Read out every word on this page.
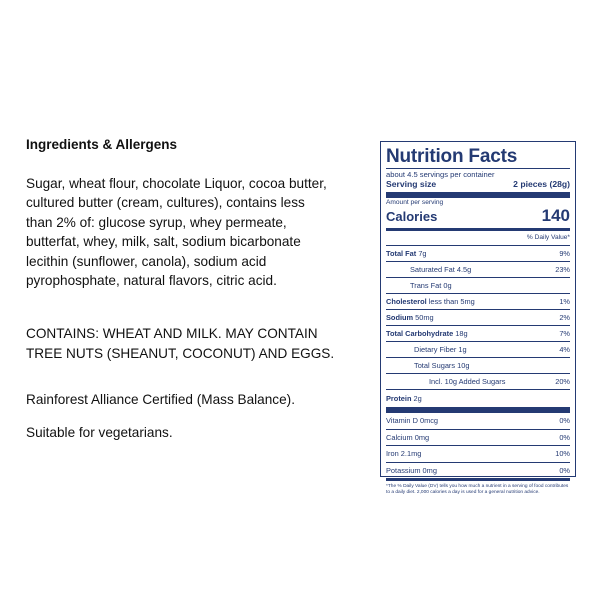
Ingredients & Allergens
Sugar, wheat flour, chocolate Liquor, cocoa butter,
cultured butter (cream, cultures), contains less
than 2% of: glucose syrup, whey permeate,
butterfat, whey, milk, salt, sodium bicarbonate
lecithin (sunflower, canola), sodium acid
pyrophosphate, natural flavors, citric acid.
CONTAINS: WHEAT AND MILK. MAY CONTAIN
TREE NUTS (SHEANUT, COCONUT) AND EGGS.
Rainforest Alliance Certified (Mass Balance).
Suitable for vegetarians.
Nutrition Facts
about 4.5 servings per container
Serving size	2 pieces (28g)
Amount per serving
Calories	140
% Daily Value*
Total Fat 7g	9%
Saturated Fat 4.5g	23%
Trans Fat 0g
Cholesterol less than 5mg	1%
Sodium 50mg	2%
Total Carbohydrate 18g	7%
Dietary Fiber 1g	4%
Total Sugars 10g
Incl. 10g Added Sugars	20%
Protein 2g
Vitamin D 0mcg	0%
Calcium 0mg	0%
Iron 2.1mg	10%
Potassium 0mg	0%
*The % Daily Value (DV) tells you how much a nutrient in a serving of food contributes to a daily diet. 2,000 calories a day is used for a general nutrition advice.
